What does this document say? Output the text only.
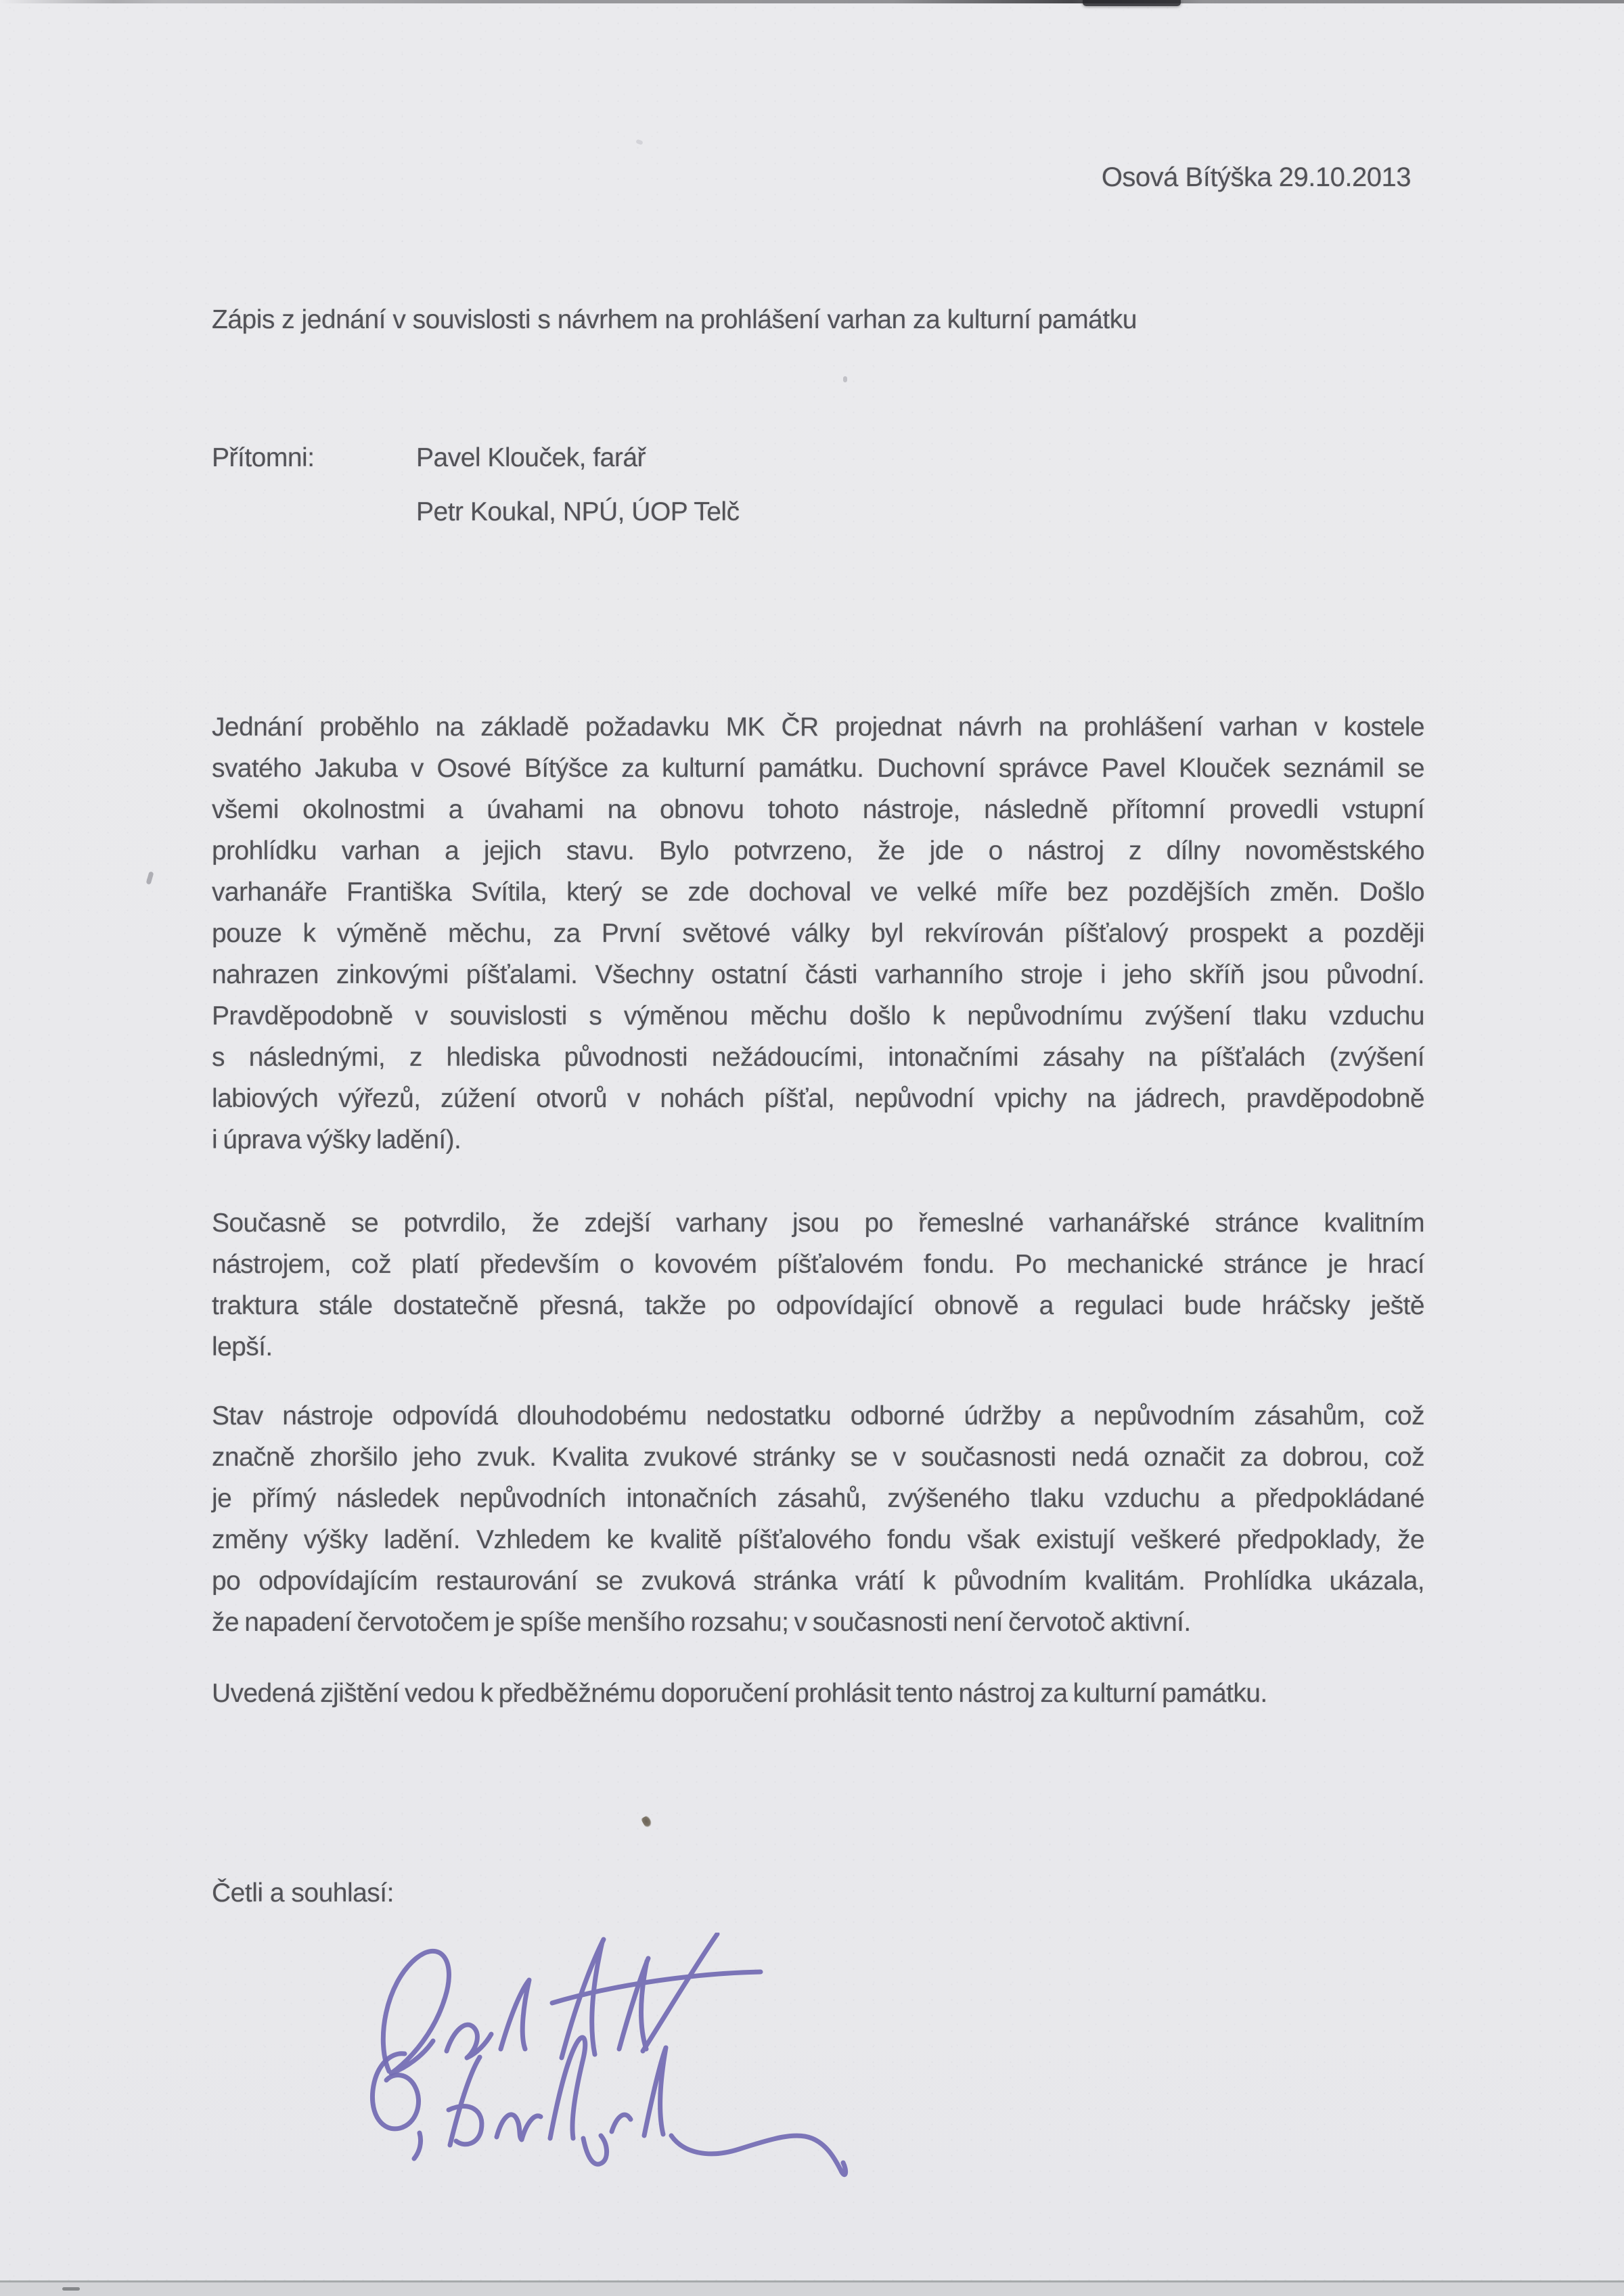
Osová Bítýška 29.10.2013
Zápis z jednání v souvislosti s návrhem na prohlášení varhan za kulturní památku
Přítomni:	Pavel Klouček, farář
Petr Koukal, NPÚ, ÚOP Telč
Jednání proběhlo na základě požadavku MK ČR projednat návrh na prohlášení varhan v kostele
svatého Jakuba v Osové Bítýšce za kulturní památku. Duchovní správce Pavel Klouček seznámil se
všemi okolnostmi a úvahami na obnovu tohoto nástroje, následně přítomní provedli vstupní
prohlídku varhan a jejich stavu. Bylo potvrzeno, že jde o nástroj z dílny novoměstského
varhanáře Františka Svítila, který se zde dochoval ve velké míře bez pozdějších změn. Došlo
pouze k výměně měchu, za První světové války byl rekvírován píšťalový prospekt a později
nahrazen zinkovými píšťalami. Všechny ostatní části varhanního stroje i jeho skříň jsou původní.
Pravděpodobně v souvislosti s výměnou měchu došlo k nepůvodnímu zvýšení tlaku vzduchu
s následnými, z hlediska původnosti nežádoucími, intonačními zásahy na píšťalách (zvýšení
labiových výřezů, zúžení otvorů v nohách píšťal, nepůvodní vpichy na jádrech, pravděpodobně
i úprava výšky ladění).
Současně se potvrdilo, že zdejší varhany jsou po řemeslné varhanářské stránce kvalitním
nástrojem, což platí především o kovovém píšťalovém fondu. Po mechanické stránce je hrací
traktura stále dostatečně přesná, takže po odpovídající obnově a regulaci bude hráčsky ještě
lepší.
Stav nástroje odpovídá dlouhodobému nedostatku odborné údržby a nepůvodním zásahům, což
značně zhoršilo jeho zvuk. Kvalita zvukové stránky se v současnosti nedá označit za dobrou, což
je přímý následek nepůvodních intonačních zásahů, zvýšeného tlaku vzduchu a předpokládané
změny výšky ladění. Vzhledem ke kvalitě píšťalového fondu však existují veškeré předpoklady, že
po odpovídajícím restaurování se zvuková stránka vrátí k původním kvalitám. Prohlídka ukázala,
že napadení červotočem je spíše menšího rozsahu; v současnosti není červotoč aktivní.
Uvedená zjištění vedou k předběžnému doporučení prohlásit tento nástroj za kulturní památku.
Četli a souhlasí:
